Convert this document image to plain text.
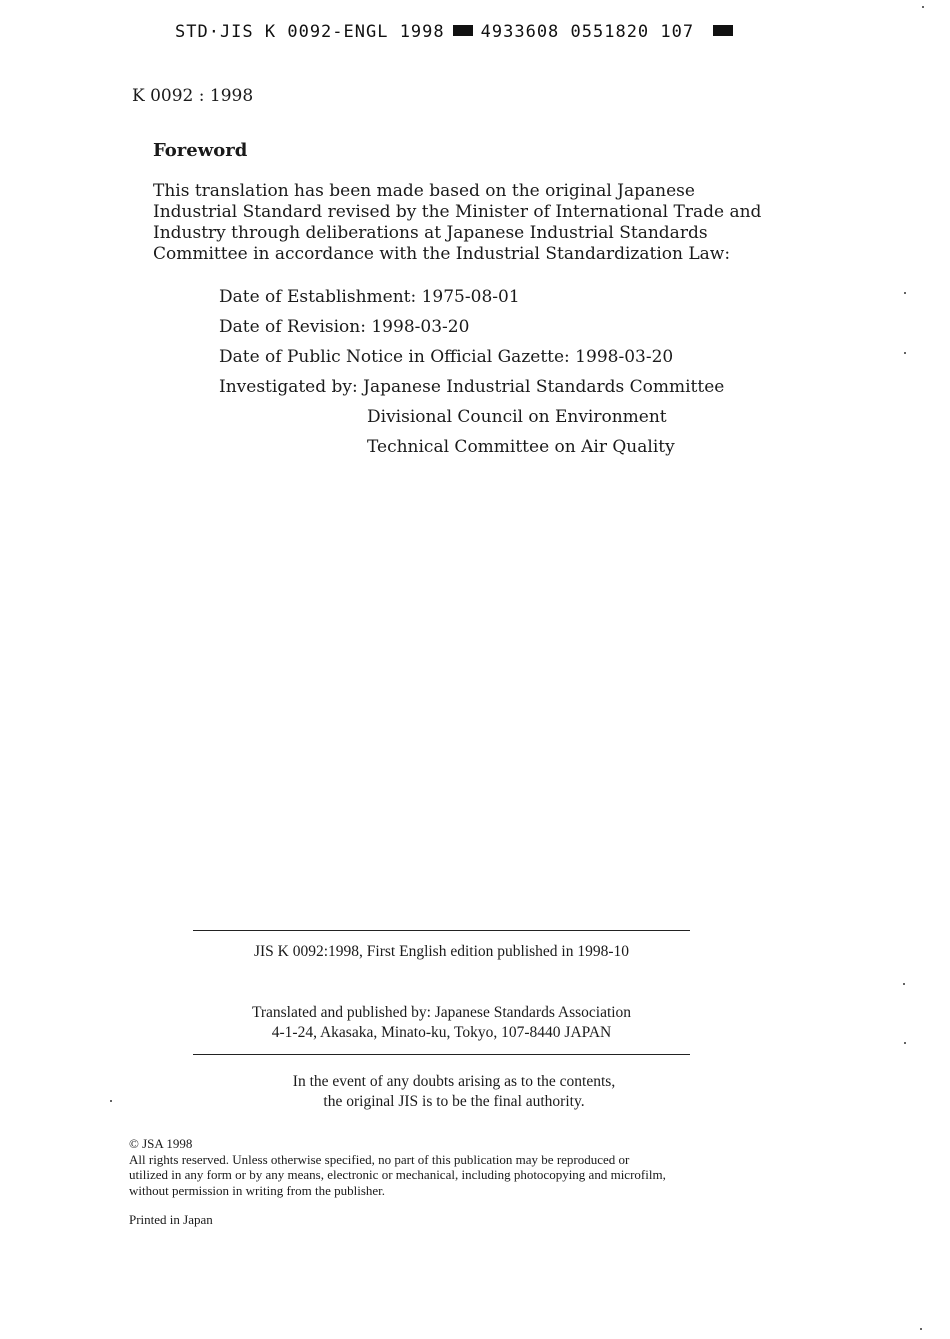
STD·JIS K 0092-ENGL 1998 4933608 0551820 107
K 0092 : 1998
Foreword
This translation has been made based on the original Japanese Industrial Standard revised by the Minister of International Trade and Industry through deliberations at Japanese Industrial Standards Committee in accordance with the Industrial Standardization Law:
Date of Establishment: 1975-08-01
Date of Revision: 1998-03-20
Date of Public Notice in Official Gazette: 1998-03-20
Investigated by: Japanese Industrial Standards Committee
Divisional Council on Environment
Technical Committee on Air Quality
JIS K 0092:1998, First English edition published in 1998-10
Translated and published by: Japanese Standards Association
4-1-24, Akasaka, Minato-ku, Tokyo, 107-8440 JAPAN
In the event of any doubts arising as to the contents,
the original JIS is to be the final authority.
© JSA 1998
All rights reserved. Unless otherwise specified, no part of this publication may be reproduced or
utilized in any form or by any means, electronic or mechanical, including photocopying and microfilm,
without permission in writing from the publisher.
Printed in Japan
